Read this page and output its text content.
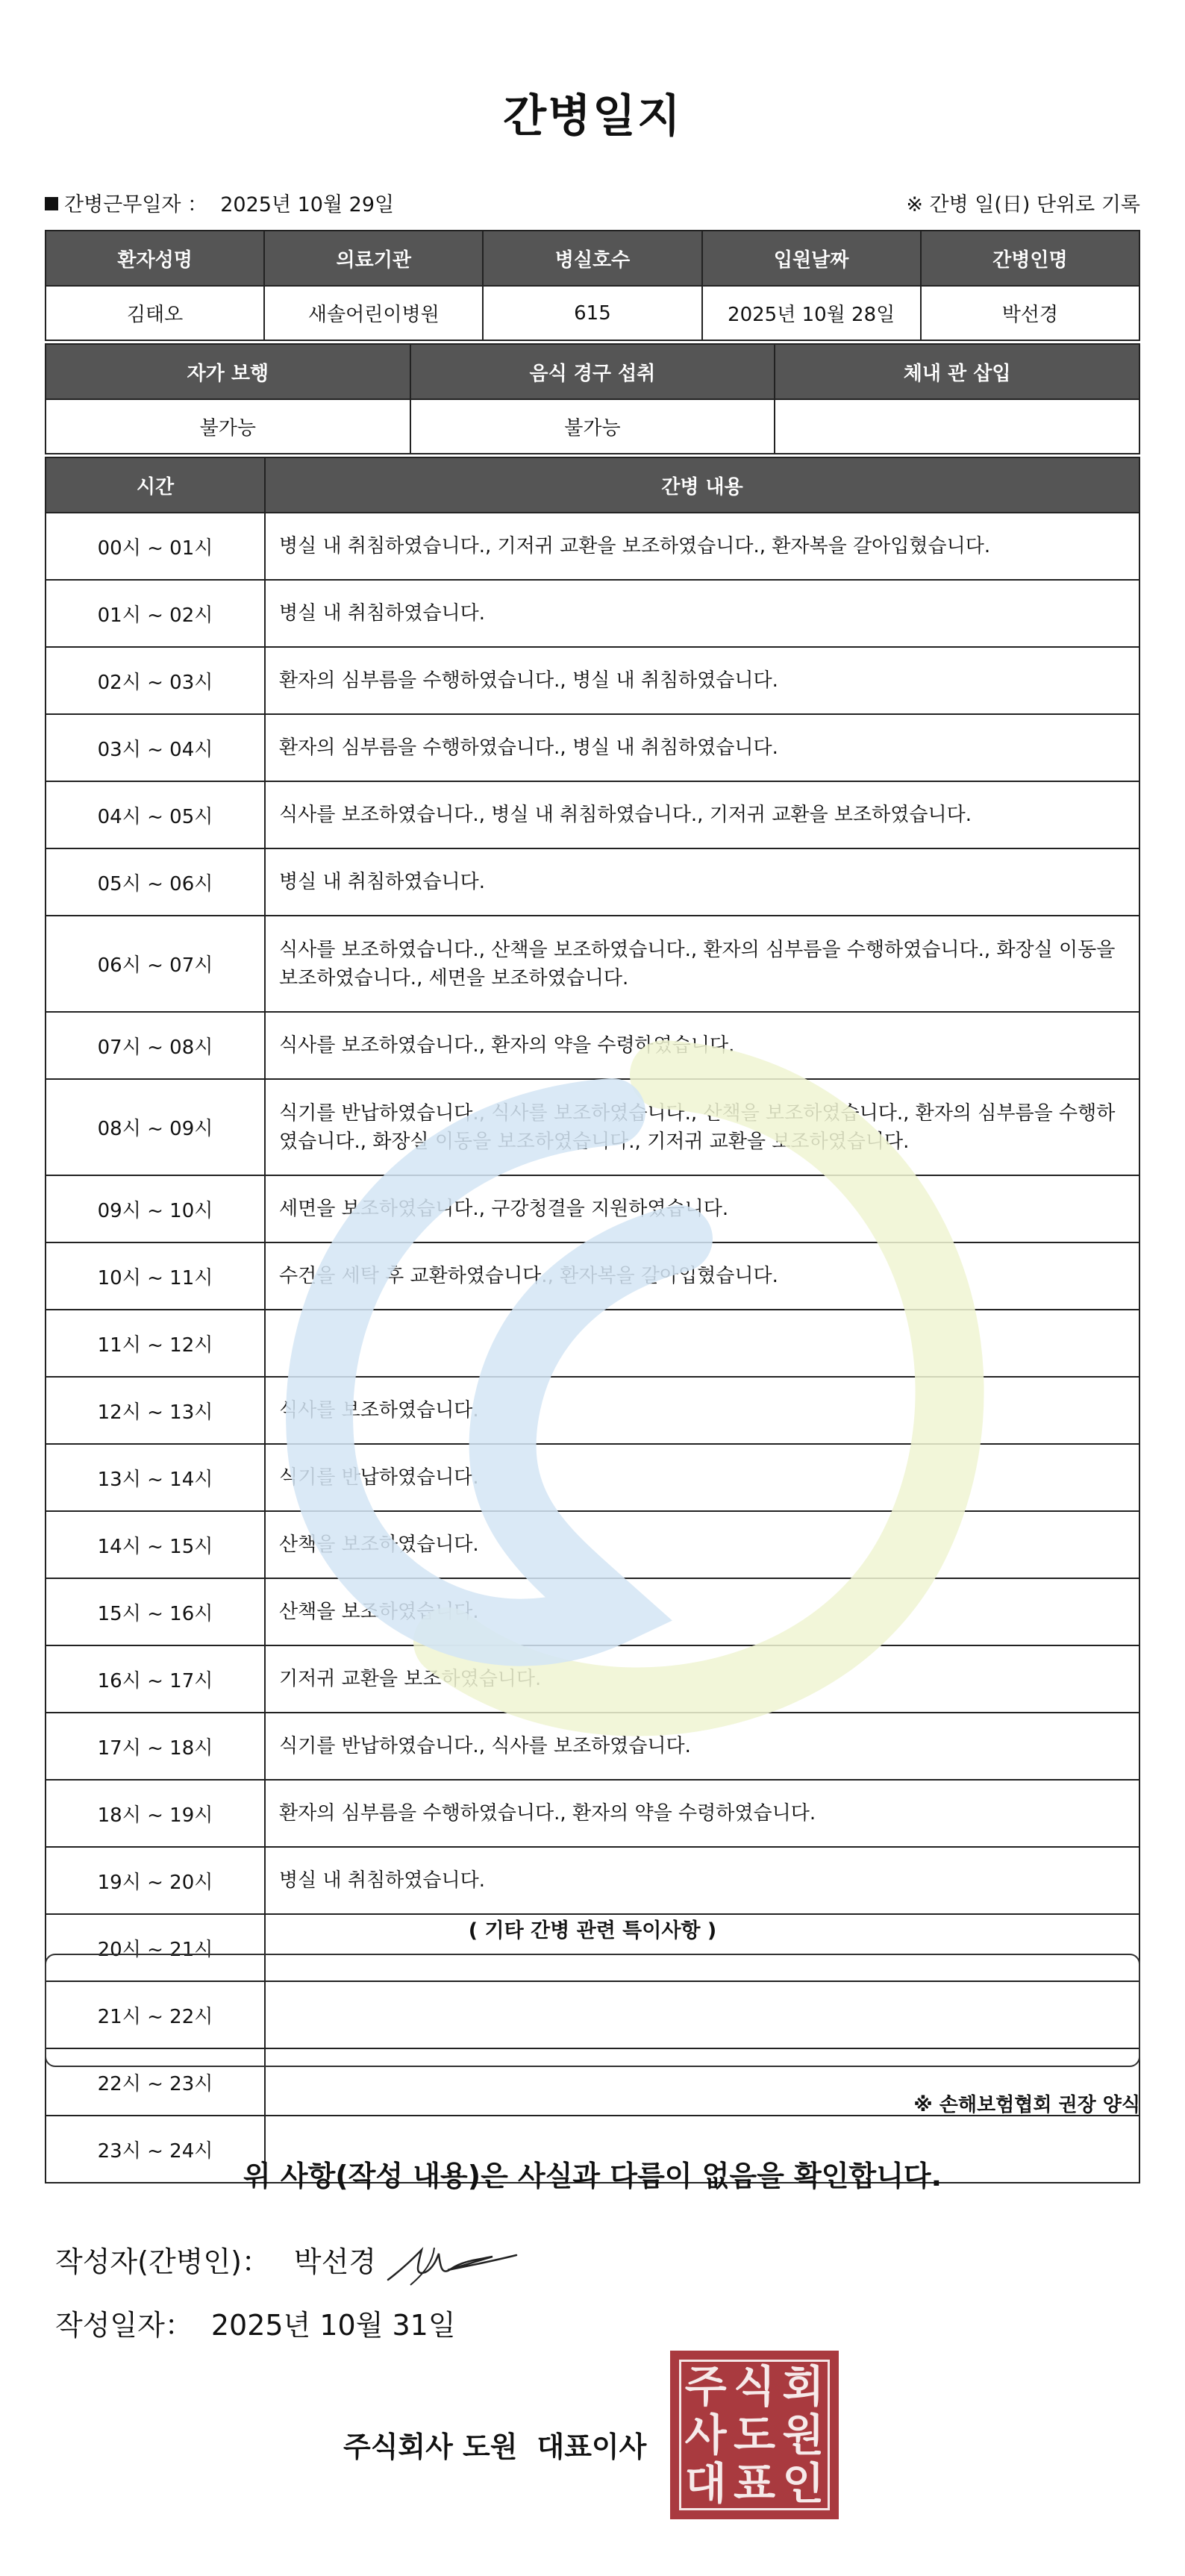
간병일지
간병근무일자 ： 2025년 10월 29일	※ 간병 일(日) 단위로 기록
환자성명	의료기관	병실호수	입원날짜	간병인명
김태오	새솔어린이병원	615	2025년 10월 28일	박선경
자가 보행	음식 경구 섭취	체내 관 삽입
불가능	불가능	
시간	간병 내용
00시 ~ 01시	병실 내 취침하였습니다., 기저귀 교환을 보조하였습니다., 환자복을 갈아입혔습니다.
01시 ~ 02시	병실 내 취침하였습니다.
02시 ~ 03시	환자의 심부름을 수행하였습니다., 병실 내 취침하였습니다.
03시 ~ 04시	환자의 심부름을 수행하였습니다., 병실 내 취침하였습니다.
04시 ~ 05시	식사를 보조하였습니다., 병실 내 취침하였습니다., 기저귀 교환을 보조하였습니다.
05시 ~ 06시	병실 내 취침하였습니다.
06시 ~ 07시	식사를 보조하였습니다., 산책을 보조하였습니다., 환자의 심부름을 수행하였습니다., 화장실 이동을 보조하였습니다., 세면을 보조하였습니다.
07시 ~ 08시	식사를 보조하였습니다., 환자의 약을 수령하였습니다.
08시 ~ 09시	식기를 반납하였습니다., 식사를 보조하였습니다., 산책을 보조하였습니다., 환자의 심부름을 수행하였습니다., 화장실 이동을 보조하였습니다., 기저귀 교환을 보조하였습니다.
09시 ~ 10시	세면을 보조하였습니다., 구강청결을 지원하였습니다.
10시 ~ 11시	수건을 세탁 후 교환하였습니다., 환자복을 갈아입혔습니다.
11시 ~ 12시	
12시 ~ 13시	식사를 보조하였습니다.
13시 ~ 14시	식기를 반납하였습니다.
14시 ~ 15시	산책을 보조하였습니다.
15시 ~ 16시	산책을 보조하였습니다.
16시 ~ 17시	기저귀 교환을 보조하였습니다.
17시 ~ 18시	식기를 반납하였습니다., 식사를 보조하였습니다.
18시 ~ 19시	환자의 심부름을 수행하였습니다., 환자의 약을 수령하였습니다.
19시 ~ 20시	병실 내 취침하였습니다.
20시 ~ 21시	
21시 ~ 22시	
22시 ~ 23시	
23시 ~ 24시	
( 기타 간병 관련 특이사항 )
※ 손해보험협회 권장 양식
위 사항(작성 내용)은 사실과 다름이 없음을 확인합니다.
작성자(간병인)： 박선경
작성일자： 2025년 10월 31일
주식회사 도원 대표이사
주 식 회
사 도 원
대 표 인
